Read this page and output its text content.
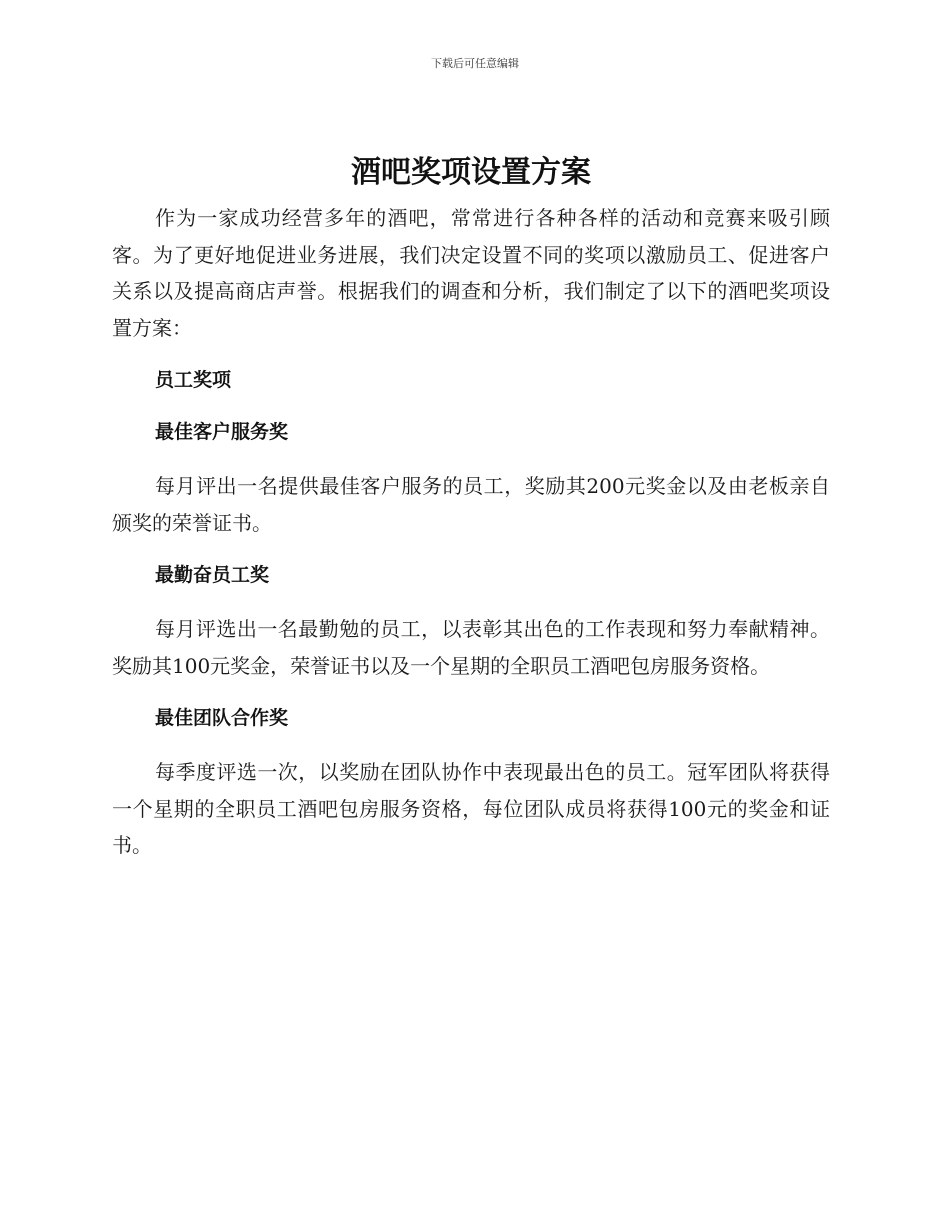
下载后可任意编辑
酒吧奖项设置方案

作为一家成功经营多年的酒吧，常常进行各种各样的活动和竞赛来吸引顾客。为了更好地促进业务进展，我们决定设置不同的奖项以激励员工、促进客户关系以及提高商店声誉。根据我们的调查和分析，我们制定了以下的酒吧奖项设置方案：

员工奖项

最佳客户服务奖

每月评出一名提供最佳客户服务的员工，奖励其200元奖金以及由老板亲自颁奖的荣誉证书。

最勤奋员工奖

每月评选出一名最勤勉的员工，以表彰其出色的工作表现和努力奉献精神。奖励其100元奖金，荣誉证书以及一个星期的全职员工酒吧包房服务资格。

最佳团队合作奖

每季度评选一次，以奖励在团队协作中表现最出色的员工。冠军团队将获得一个星期的全职员工酒吧包房服务资格，每位团队成员将获得100元的奖金和证书。
